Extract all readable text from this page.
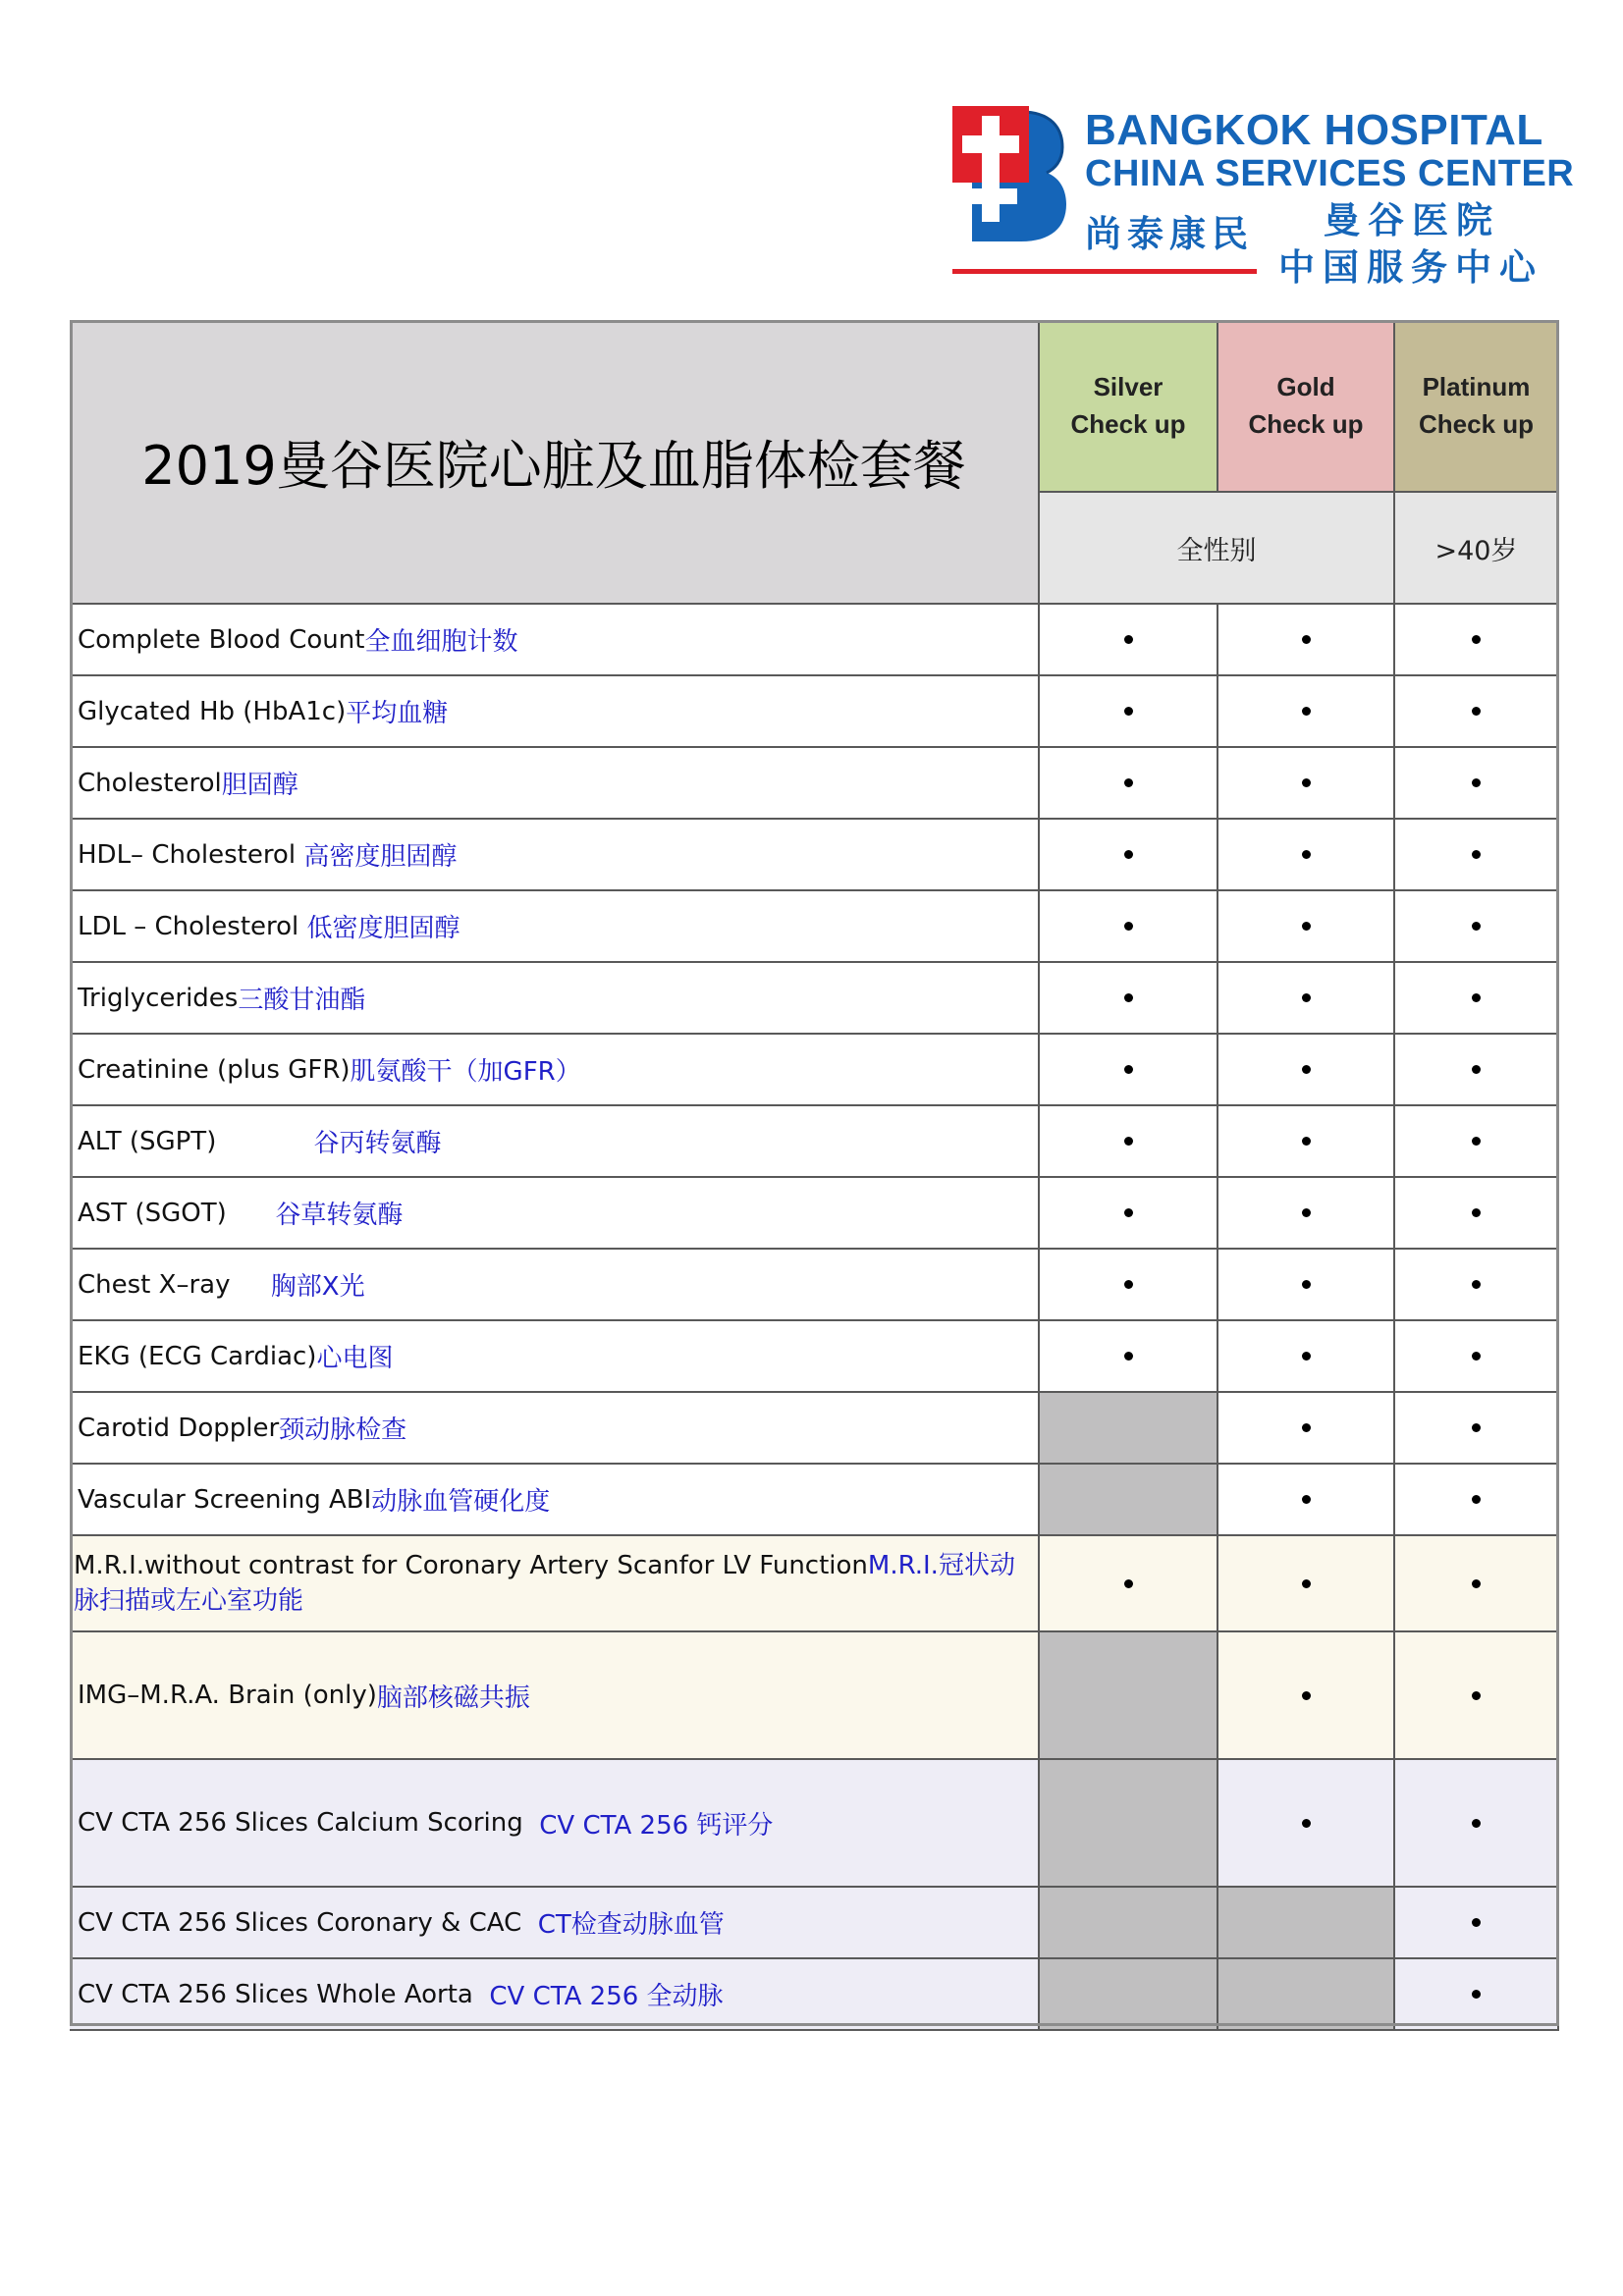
BANGKOK HOSPITAL
CHINA SERVICES CENTER
尚泰康民 曼谷医院
中国服务中心
2019曼谷医院心脏及血脂体检套餐
Silver
Check up
Gold
Check up
Platinum
Check up
全性别	>40岁
Complete Blood Count 全血细胞计数
Glycated Hb (HbA1c) 平均血糖
Cholesterol 胆固醇
HDL– Cholesterol 高密度胆固醇
LDL – Cholesterol 低密度胆固醇
Triglycerides 三酸甘油酯
Creatinine (plus GFR) 肌氨酸干（加GFR）
ALT (SGPT) 谷丙转氨酶
AST (SGOT) 谷草转氨酶
Chest X–ray 胸部X光
EKG (ECG Cardiac) 心电图
Carotid Doppler 颈动脉检查
Vascular Screening ABI 动脉血管硬化度
M.R.I.without contrast for Coronary Artery Scanfor LV FunctionM.R.I.冠状动脉扫描或左心室功能
IMG–M.R.A. Brain (only) 脑部核磁共振
CV CTA 256 Slices Calcium Scoring CV CTA 256 钙评分
CV CTA 256 Slices Coronary & CAC CT检查动脉血管
CV CTA 256 Slices Whole Aorta CV CTA 256 全动脉
